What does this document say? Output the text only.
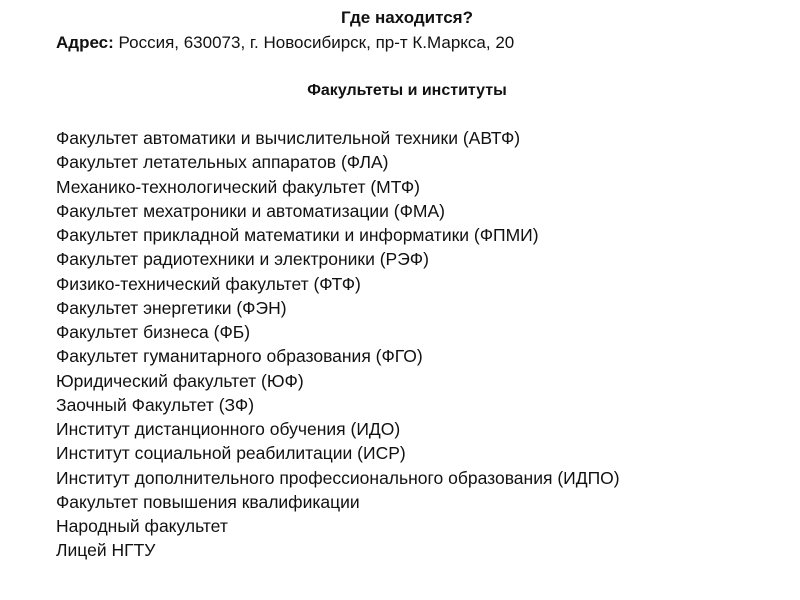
Где находится?
Адрес: Россия, 630073, г. Новосибирск, пр-т К.Маркса, 20
Факультеты и институты
Факультет автоматики и вычислительной техники (АВТФ)
Факультет летательных аппаратов (ФЛА)
Механико-технологический факультет (МТФ)
Факультет мехатроники и автоматизации (ФМА)
Факультет прикладной математики и информатики (ФПМИ)
Факультет радиотехники и электроники (РЭФ)
Физико-технический факультет (ФТФ)
Факультет энергетики (ФЭН)
Факультет бизнеса (ФБ)
Факультет гуманитарного образования (ФГО)
Юридический факультет (ЮФ)
Заочный Факультет (ЗФ)
Институт дистанционного обучения (ИДО)
Институт социальной реабилитации (ИСР)
Институт дополнительного профессионального образования (ИДПО)
Факультет повышения квалификации
Народный факультет
Лицей НГТУ
